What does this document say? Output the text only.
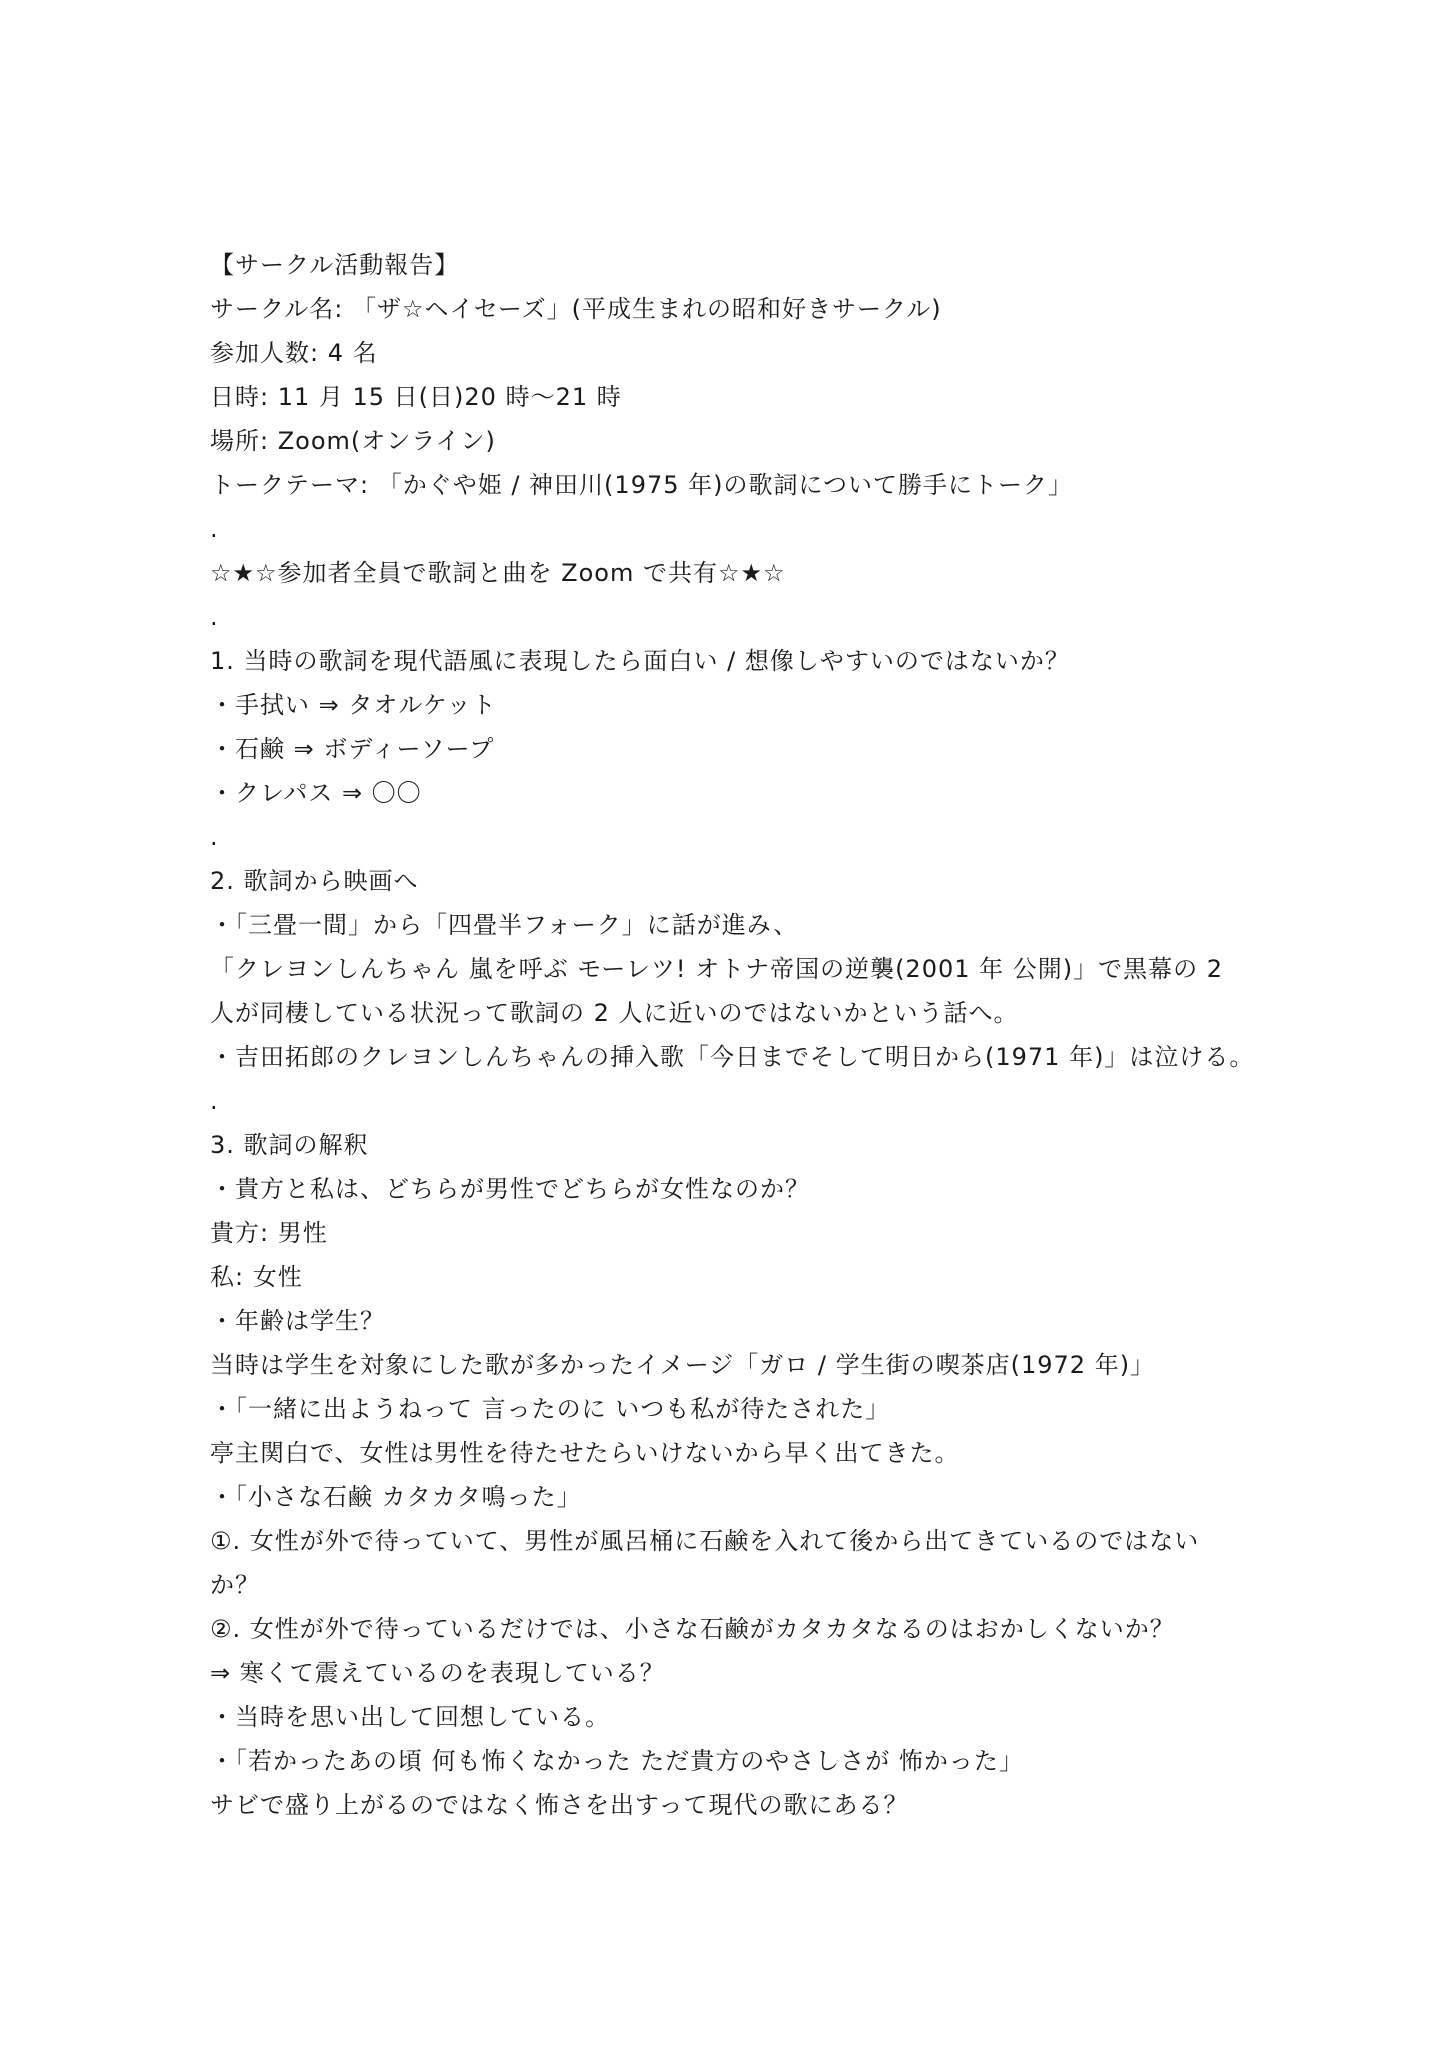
【サークル活動報告】
サークル名: 「ザ☆ヘイセーズ」(平成生まれの昭和好きサークル)
参加人数: 4 名
日時: 11 月 15 日(日)20 時～21 時
場所: Zoom(オンライン)
トークテーマ: 「かぐや姫 / 神田川(1975 年)の歌詞について勝手にトーク」
.
☆★☆参加者全員で歌詞と曲を Zoom で共有☆★☆
.
1. 当時の歌詞を現代語風に表現したら面白い / 想像しやすいのではないか？
・手拭い ⇒ タオルケット
・石鹸 ⇒ ボディーソープ
・クレパス ⇒ 〇〇
.
2. 歌詞から映画へ
・「三畳一間」から「四畳半フォーク」に話が進み、
「クレヨンしんちゃん 嵐を呼ぶ モーレツ! オトナ帝国の逆襲(2001 年 公開)」で黒幕の 2
人が同棲している状況って歌詞の 2 人に近いのではないかという話へ。
・吉田拓郎のクレヨンしんちゃんの挿入歌「今日までそして明日から(1971 年)」は泣ける。
.
3. 歌詞の解釈
・貴方と私は、どちらが男性でどちらが女性なのか？
貴方: 男性
私: 女性
・年齢は学生？
当時は学生を対象にした歌が多かったイメージ「ガロ / 学生街の喫茶店(1972 年)」
・「一緒に出ようねって 言ったのに いつも私が待たされた」
亭主関白で、女性は男性を待たせたらいけないから早く出てきた。
・「小さな石鹸 カタカタ鳴った」
①. 女性が外で待っていて、男性が風呂桶に石鹸を入れて後から出てきているのではない
か？
②. 女性が外で待っているだけでは、小さな石鹸がカタカタなるのはおかしくないか？
⇒ 寒くて震えているのを表現している？
・当時を思い出して回想している。
・「若かったあの頃 何も怖くなかった ただ貴方のやさしさが 怖かった」
サビで盛り上がるのではなく怖さを出すって現代の歌にある？
